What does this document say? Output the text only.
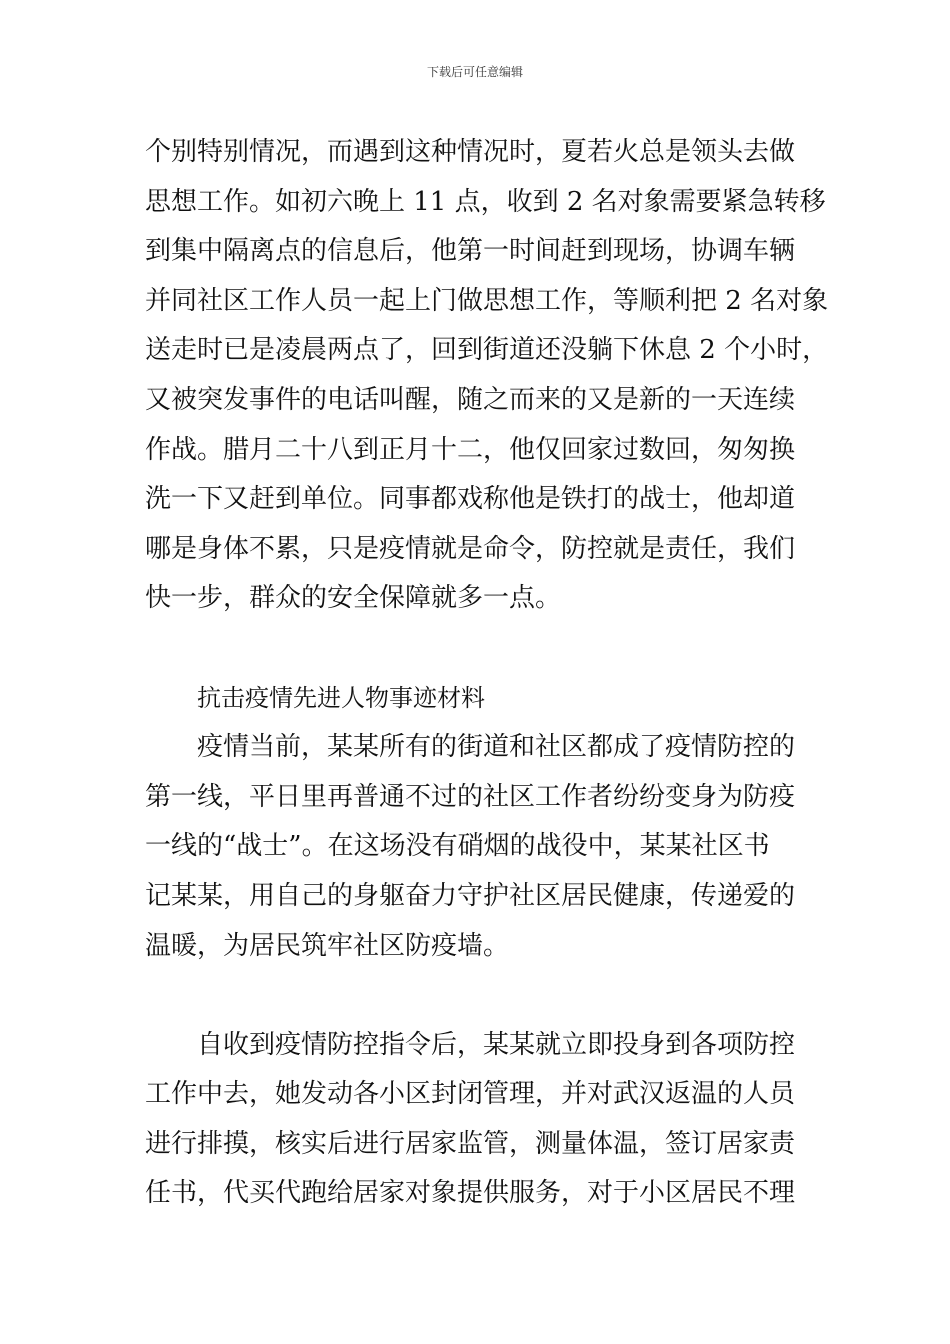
下载后可任意编辑
个别特别情况，而遇到这种情况时，夏若火总是领头去做
思想工作。如初六晚上 11 点，收到 2 名对象需要紧急转移
到集中隔离点的信息后，他第一时间赶到现场，协调车辆
并同社区工作人员一起上门做思想工作，等顺利把 2 名对象
送走时已是凌晨两点了，回到街道还没躺下休息 2 个小时，
又被突发事件的电话叫醒，随之而来的又是新的一天连续
作战。腊月二十八到正月十二，他仅回家过数回，匆匆换
洗一下又赶到单位。同事都戏称他是铁打的战士，他却道
哪是身体不累，只是疫情就是命令，防控就是责任，我们
快一步，群众的安全保障就多一点。
抗击疫情先进人物事迹材料
疫情当前，某某所有的街道和社区都成了疫情防控的
第一线，平日里再普通不过的社区工作者纷纷变身为防疫
一线的“战士”。在这场没有硝烟的战役中，某某社区书
记某某，用自己的身躯奋力守护社区居民健康，传递爱的
温暖，为居民筑牢社区防疫墙。
自收到疫情防控指令后，某某就立即投身到各项防控
工作中去，她发动各小区封闭管理，并对武汉返温的人员
进行排摸，核实后进行居家监管，测量体温，签订居家责
任书，代买代跑给居家对象提供服务，对于小区居民不理
